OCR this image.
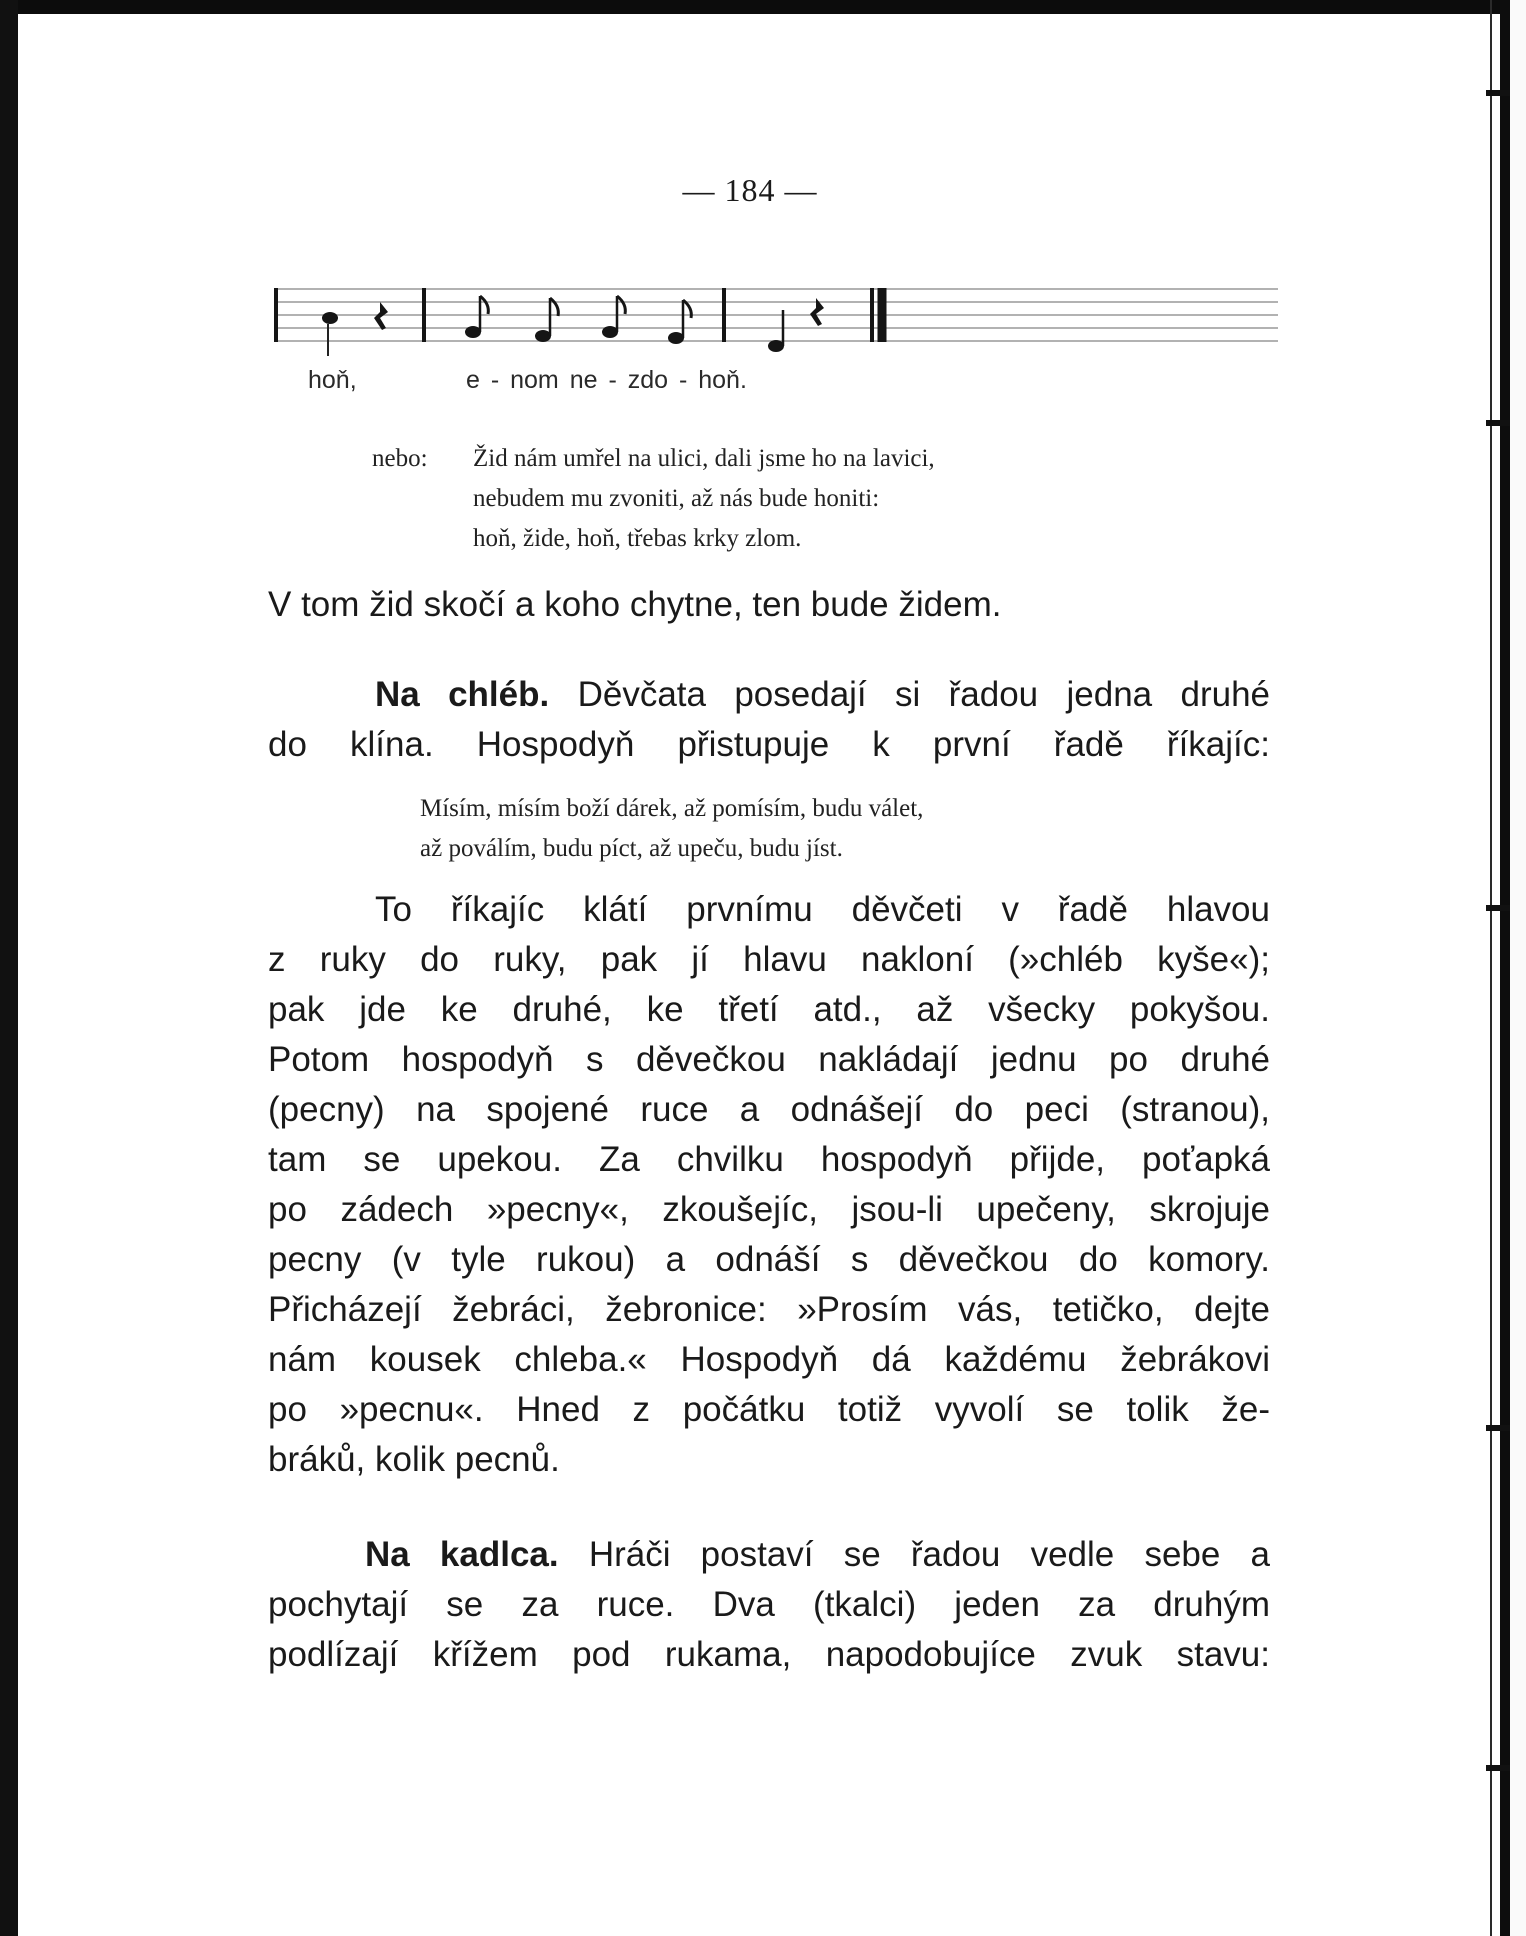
— 184 —
hoň,	e - nom ne - zdo - hoň.
nebo: Žid nám umřel na ulici, dali jsme ho na lavici,
nebudem mu zvoniti, až nás bude honiti:
hoň, žide, hoň, třebas krky zlom.
V tom žid skočí a koho chytne, ten bude židem.
Na chléb. Děvčata posedají si řadou jedna druhé
do klína. Hospodyň přistupuje k první řadě říkajíc:
Mísím, mísím boží dárek, až pomísím, budu válet,
až poválím, budu píct, až upeču, budu jíst.
To říkajíc klátí prvnímu děvčeti v řadě hlavou
z ruky do ruky, pak jí hlavu nakloní (»chléb kyše«);
pak jde ke druhé, ke třetí atd., až všecky pokyšou.
Potom hospodyň s děvečkou nakládají jednu po druhé
(pecny) na spojené ruce a odnášejí do peci (stranou),
tam se upekou. Za chvilku hospodyň přijde, poťapká
po zádech »pecny«, zkoušejíc, jsou-li upečeny, skrojuje
pecny (v tyle rukou) a odnáší s děvečkou do komory.
Přicházejí žebráci, žebronice: »Prosím vás, tetičko, dejte
nám kousek chleba.« Hospodyň dá každému žebrákovi
po »pecnu«. Hned z počátku totiž vyvolí se tolik že-
bráků, kolik pecnů.
Na kadlca. Hráči postaví se řadou vedle sebe a
pochytají se za ruce. Dva (tkalci) jeden za druhým
podlízají křížem pod rukama, napodobujíce zvuk stavu:
